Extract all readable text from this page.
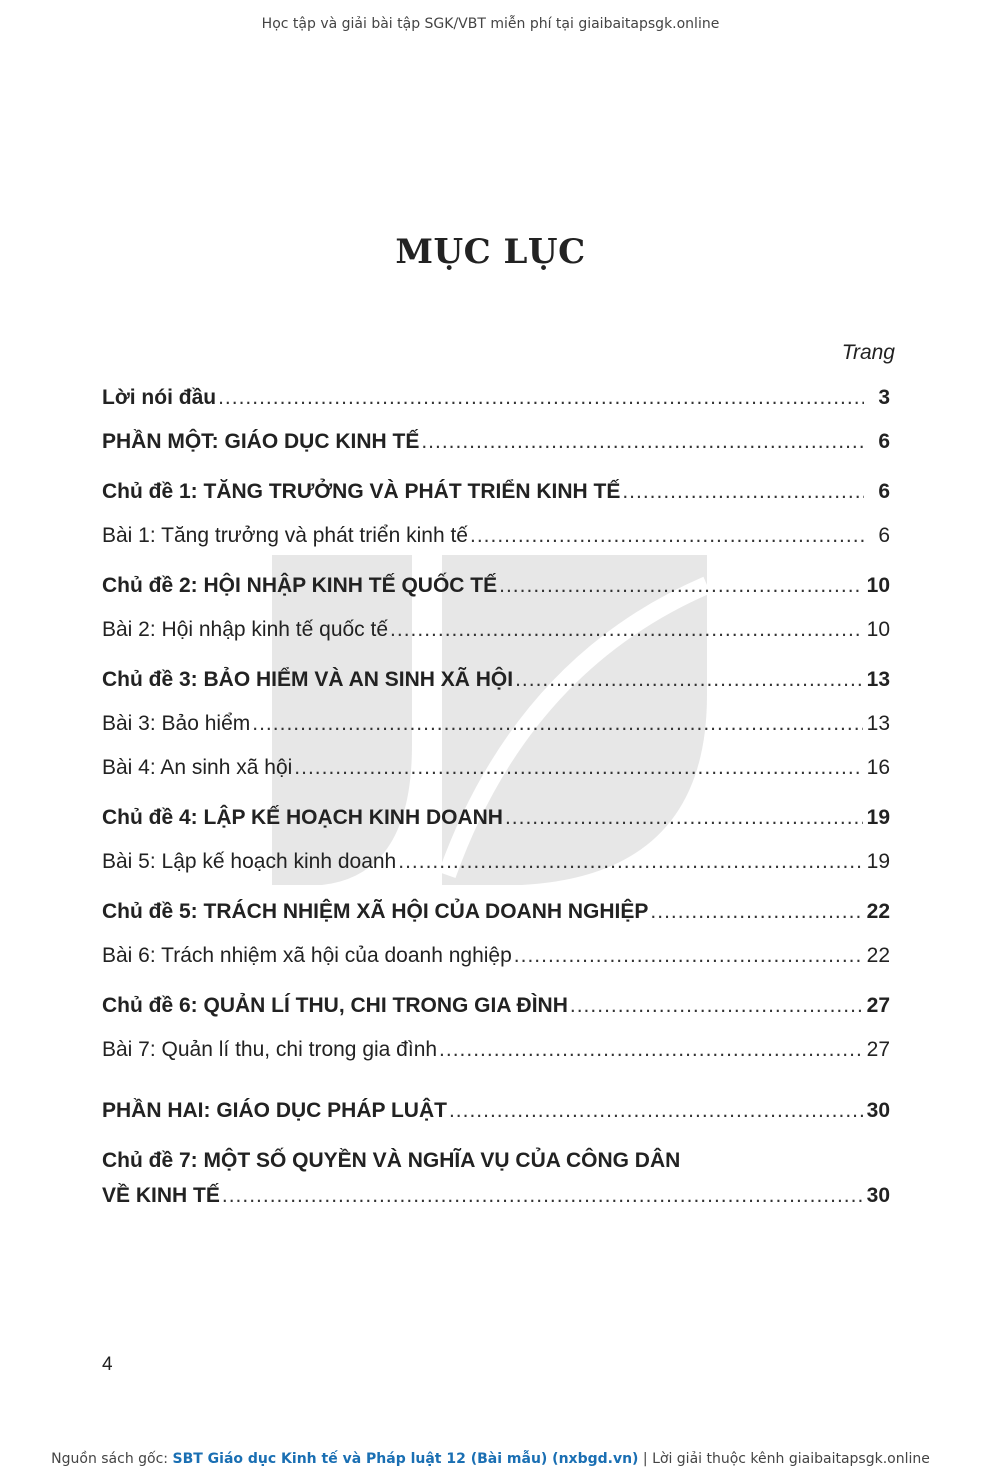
Học tập và giải bài tập SGK/VBT miễn phí tại giaibaitapsgk.online
MỤC LỤC
Trang
Lời nói đầu .....	3
PHẦN MỘT: GIÁO DỤC KINH TẾ .....	6
Chủ đề 1: TĂNG TRƯỞNG VÀ PHÁT TRIỂN KINH TẾ .....	6
Bài 1: Tăng trưởng và phát triển kinh tế .....	6
Chủ đề 2: HỘI NHẬP KINH TẾ QUỐC TẾ .....	10
Bài 2: Hội nhập kinh tế quốc tế .....	10
Chủ đề 3: BẢO HIỂM VÀ AN SINH XÃ HỘI .....	13
Bài 3: Bảo hiểm .....	13
Bài 4: An sinh xã hội .....	16
Chủ đề 4: LẬP KẾ HOẠCH KINH DOANH .....	19
Bài 5: Lập kế hoạch kinh doanh .....	19
Chủ đề 5: TRÁCH NHIỆM XÃ HỘI CỦA DOANH NGHIỆP .....	22
Bài 6: Trách nhiệm xã hội của doanh nghiệp .....	22
Chủ đề 6: QUẢN LÍ THU, CHI TRONG GIA ĐÌNH .....	27
Bài 7: Quản lí thu, chi trong gia đình .....	27
PHẦN HAI: GIÁO DỤC PHÁP LUẬT .....	30
Chủ đề 7: MỘT SỐ QUYỀN VÀ NGHĨA VỤ CỦA CÔNG DÂN
VỀ KINH TẾ .....	30
4
Nguồn sách gốc: SBT Giáo dục Kinh tế và Pháp luật 12 (Bài mẫu) (nxbgd.vn) | Lời giải thuộc kênh giaibaitapsgk.online
